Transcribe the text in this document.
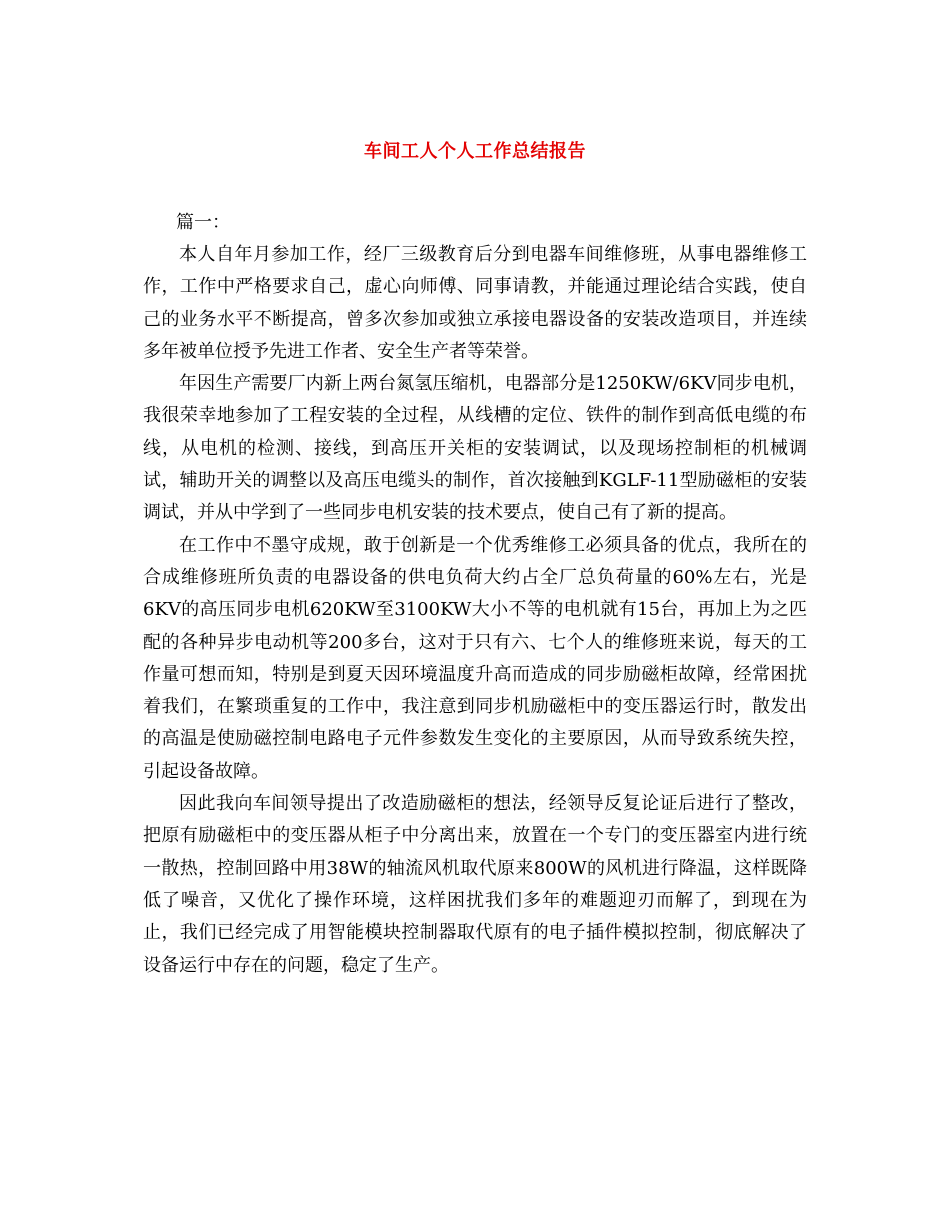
车间工人个人工作总结报告
篇一：

本人自年月参加工作，经厂三级教育后分到电器车间维修班，从事电器维修工作，工作中严格要求自己，虚心向师傅、同事请教，并能通过理论结合实践，使自己的业务水平不断提高，曾多次参加或独立承接电器设备的安装改造项目，并连续多年被单位授予先进工作者、安全生产者等荣誉。

年因生产需要厂内新上两台氮氢压缩机，电器部分是1250KW/6KV同步电机，我很荣幸地参加了工程安装的全过程，从线槽的定位、铁件的制作到高低电缆的布线，从电机的检测、接线，到高压开关柜的安装调试，以及现场控制柜的机械调试，辅助开关的调整以及高压电缆头的制作，首次接触到KGLF-11型励磁柜的安装调试，并从中学到了一些同步电机安装的技术要点，使自己有了新的提高。

在工作中不墨守成规，敢于创新是一个优秀维修工必须具备的优点，我所在的合成维修班所负责的电器设备的供电负荷大约占全厂总负荷量的60%左右，光是6KV的高压同步电机620KW至3100KW大小不等的电机就有15台，再加上为之匹配的各种异步电动机等200多台，这对于只有六、七个人的维修班来说，每天的工作量可想而知，特别是到夏天因环境温度升高而造成的同步励磁柜故障，经常困扰着我们，在繁琐重复的工作中，我注意到同步机励磁柜中的变压器运行时，散发出的高温是使励磁控制电路电子元件参数发生变化的主要原因，从而导致系统失控，引起设备故障。

因此我向车间领导提出了改造励磁柜的想法，经领导反复论证后进行了整改，把原有励磁柜中的变压器从柜子中分离出来，放置在一个专门的变压器室内进行统一散热，控制回路中用38W的轴流风机取代原来800W的风机进行降温，这样既降低了噪音，又优化了操作环境，这样困扰我们多年的难题迎刃而解了，到现在为止，我们已经完成了用智能模块控制器取代原有的电子插件模拟控制，彻底解决了设备运行中存在的问题，稳定了生产。
